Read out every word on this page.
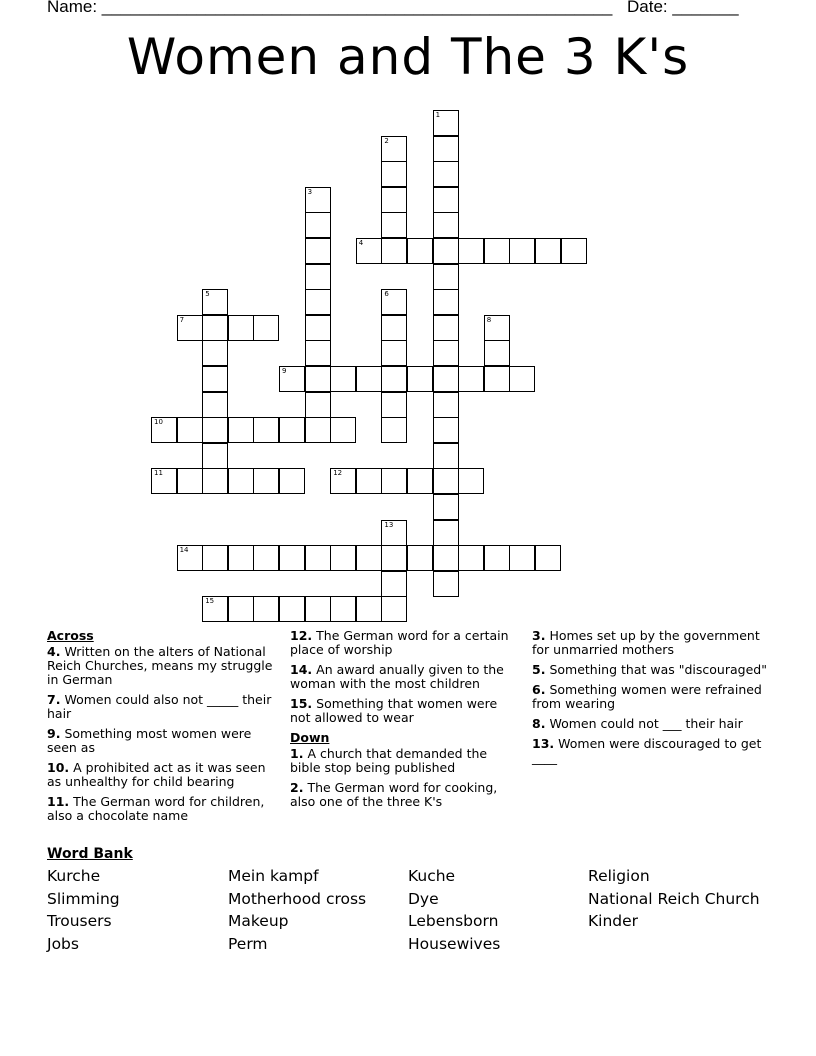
Name: ______________________________________________________ Date: _______
Women and The 3 K's
1
2
3
4
5	6
7	8
9
10
11	12
13
14
15
Across
4. Written on the alters of National Reich Churches, means my struggle in German
7. Women could also not _____ their hair
9. Something most women were seen as
10. A prohibited act as it was seen as unhealthy for child bearing
11. The German word for children, also a chocolate name
12. The German word for a certain place of worship
14. An award anually given to the woman with the most children
15. Something that women were not allowed to wear
Down
1. A church that demanded the bible stop being published
2. The German word for cooking, also one of the three K's
3. Homes set up by the government for unmarried mothers
5. Something that was "discouraged"
6. Something women were refrained from wearing
8. Women could not ___ their hair
13. Women were discouraged to get ____
Word Bank
Kurche
Slimming
Trousers
Jobs
Mein kampf
Motherhood cross
Makeup
Perm
Kuche
Dye
Lebensborn
Housewives
Religion
National Reich Church
Kinder
